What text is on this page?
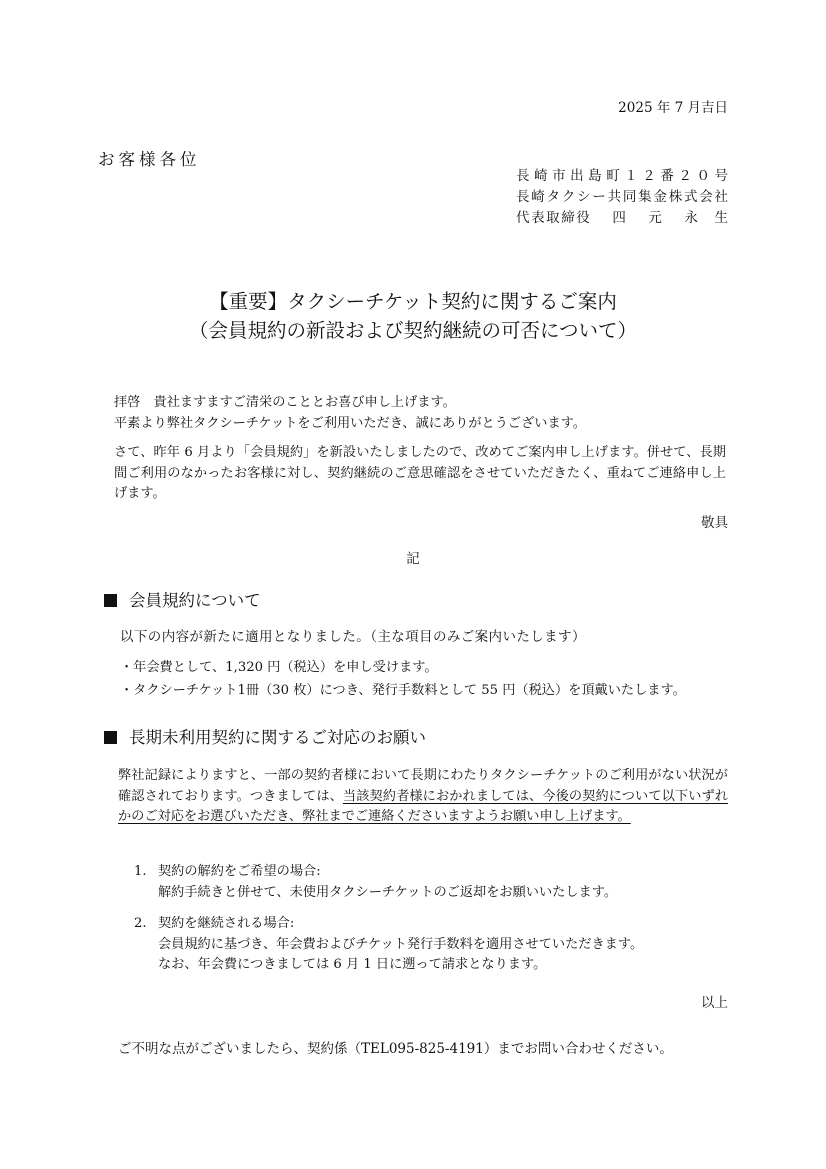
2025 年 7 月吉日
お客様各位
長 崎 市 出 島 町 １ ２ 番 ２ ０ 号
長崎タクシー共同集金株式会社
代表取締役　 四　 元　 永　生
【重要】タクシーチケット契約に関するご案内
（会員規約の新設および契約継続の可否について）
拝啓　貴社ますますご清栄のこととお喜び申し上げます。
平素より弊社タクシーチケットをご利用いただき、誠にありがとうございます。
さて、昨年 6 月より「会員規約」を新設いたしましたので、改めてご案内申し上げます。併せて、長期間ご利用のなかったお客様に対し、契約継続のご意思確認をさせていただきたく、重ねてご連絡申し上げます。
敬具
記
会員規約について
以下の内容が新たに適用となりました。（主な項目のみご案内いたします）
・年会費として、1,320 円（税込）を申し受けます。
・タクシーチケット1冊（30 枚）につき、発行手数料として 55 円（税込）を頂戴いたします。
長期未利用契約に関するご対応のお願い
弊社記録によりますと、一部の契約者様において長期にわたりタクシーチケットのご利用がない状況が確認されております。つきましては、当該契約者様におかれましては、今後の契約について以下いずれかのご対応をお選びいただき、弊社までご連絡くださいますようお願い申し上げます。
1. 契約の解約をご希望の場合:
解約手続きと併せて、未使用タクシーチケットのご返却をお願いいたします。
2. 契約を継続される場合:
会員規約に基づき、年会費およびチケット発行手数料を適用させていただきます。
なお、年会費につきましては 6 月 1 日に遡って請求となります。
以上
ご不明な点がございましたら、契約係（TEL095-825-4191）までお問い合わせください。
